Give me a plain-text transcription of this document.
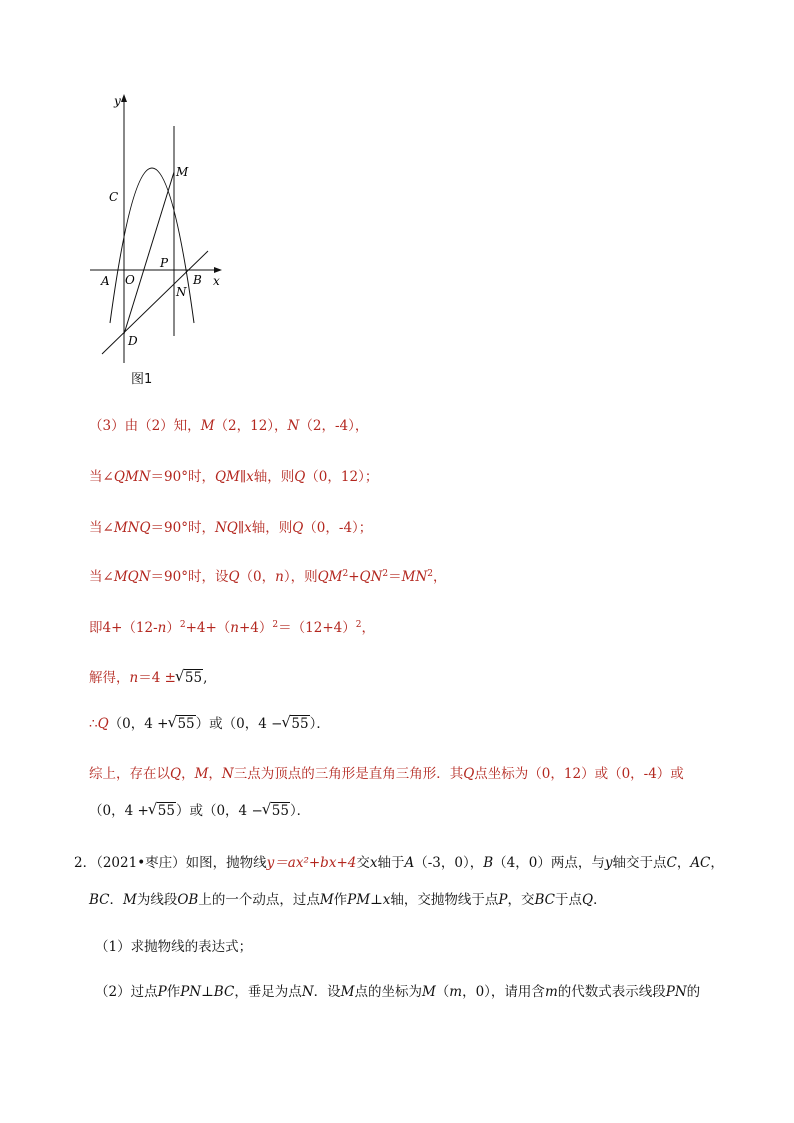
y
x
C
M
P
A O	B
N
D
图1
（3）由（2）知，M（2，12），N（2，-4），
当∠QMN＝90°时，QM∥x轴，则Q（0，12）；
当∠MNQ＝90°时，NQ∥x轴，则Q（0，-4）；
当∠MQN＝90°时，设Q（0，n），则$QM^2+QN^2=MN^2$，
即$4+(12-n)^2+4+(n+4)^2=(12+4)^2$，
解得，n＝4 ± √ 55,
∴Q（0，4 + √ 55）或（0，4 − √ 55）．
综上，存在以Q，M，N三点为顶点的三角形是直角三角形．其Q点坐标为（0，12）或（0，-4）或
（0，4 + √ 55）或（0，4 − √ 55）．
2．（2021•枣庄）如图，抛物线y＝ax²+bx+4交x轴于A（-3，0），B（4，0）两点，与y轴交于点C，AC，
BC．M为线段OB上的一个动点，过点M作PM⊥x轴，交抛物线于点P，交BC于点Q．
（1）求抛物线的表达式；
（2）过点P作PN⊥BC，垂足为点N．设M点的坐标为M（m，0），请用含m的代数式表示线段PN的
